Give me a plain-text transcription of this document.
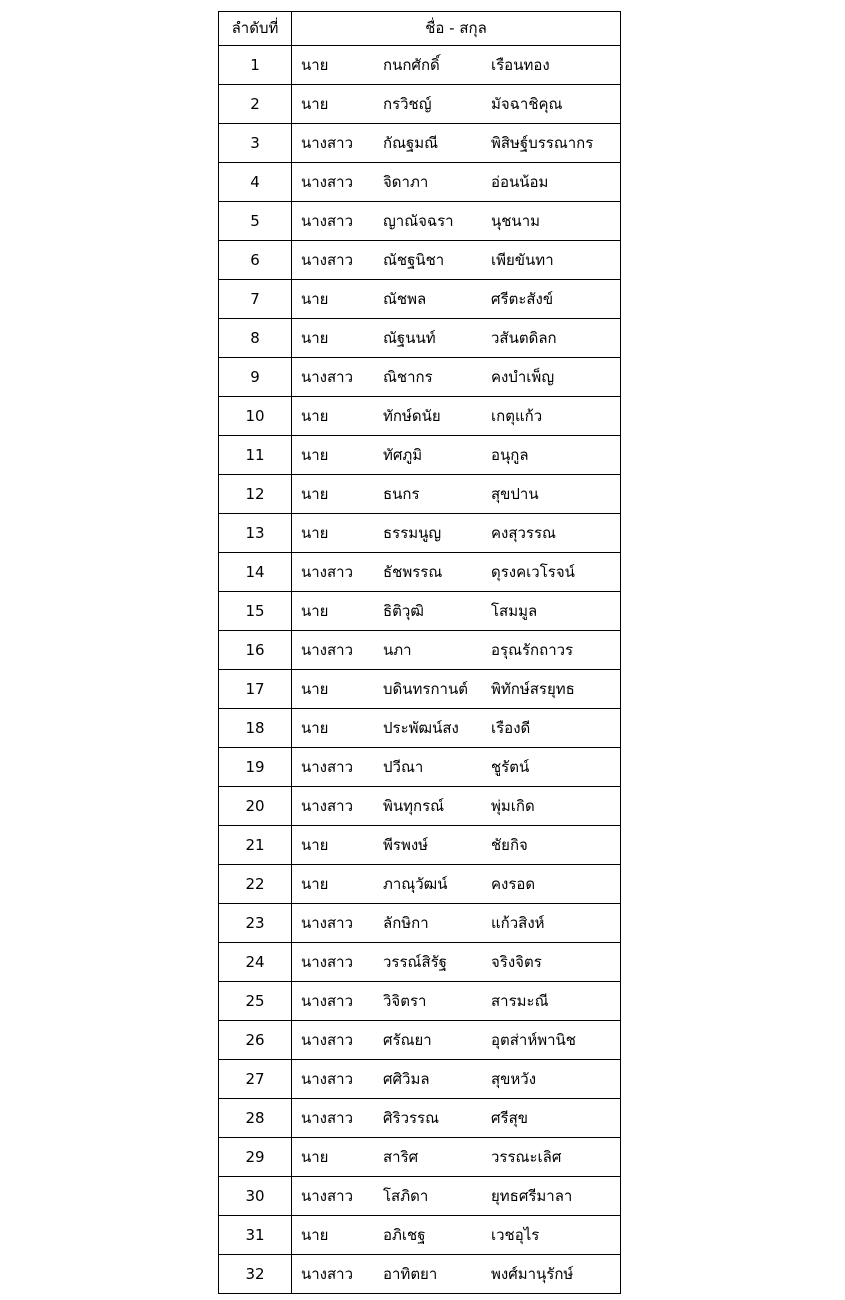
ลำดับที่	ชื่อ - สกุล
1	นาย กนกศักดิ์ เรือนทอง

2	นาย กรวิชญ์ มัจฉาชิคุณ

3	นางสาว กัณฐมณี พิสิษฐ์บรรณากร

4	นางสาว จิดาภา อ่อนน้อม

5	นางสาว ญาณัจฉรา นุชนาม

6	นางสาว ณัชฐนิชา เพียขันทา

7	นาย ณัชพล ศรีตะสังข์

8	นาย ณัฐนนท์ วสันตดิลก

9	นางสาว ณิชากร คงบำเพ็ญ

10	นาย ทักษ์ดนัย เกตุแก้ว

11	นาย ทัศภูมิ อนุกูล

12	นาย ธนกร สุขปาน

13	นาย ธรรมนูญ คงสุวรรณ

14	นางสาว ธัชพรรณ ดุรงคเวโรจน์

15	นาย ธิติวุฒิ โสมมูล

16	นางสาว นภา อรุณรักถาวร

17	นาย บดินทรกานต์ พิทักษ์สรยุทธ

18	นาย ประพัฒน์สง เรืองดี

19	นางสาว ปวีณา ชูรัตน์

20	นางสาว พินทุกรณ์ พุ่มเกิด

21	นาย พีรพงษ์ ชัยกิจ

22	นาย ภาณุวัฒน์ คงรอด

23	นางสาว ลักษิกา แก้วสิงห์

24	นางสาว วรรณ์สิรัฐ จริงจิตร

25	นางสาว วิจิตรา สารมะณี

26	นางสาว ศรัณยา อุตส่าห์พานิช

27	นางสาว ศศิวิมล สุขหวัง

28	นางสาว ศิริวรรณ ศรีสุข

29	นาย สาริศ วรรณะเลิศ

30	นางสาว โสภิดา ยุทธศรีมาลา

31	นาย อภิเชฐ เวชอุไร

32	นางสาว อาทิตยา พงศ์มานุรักษ์
